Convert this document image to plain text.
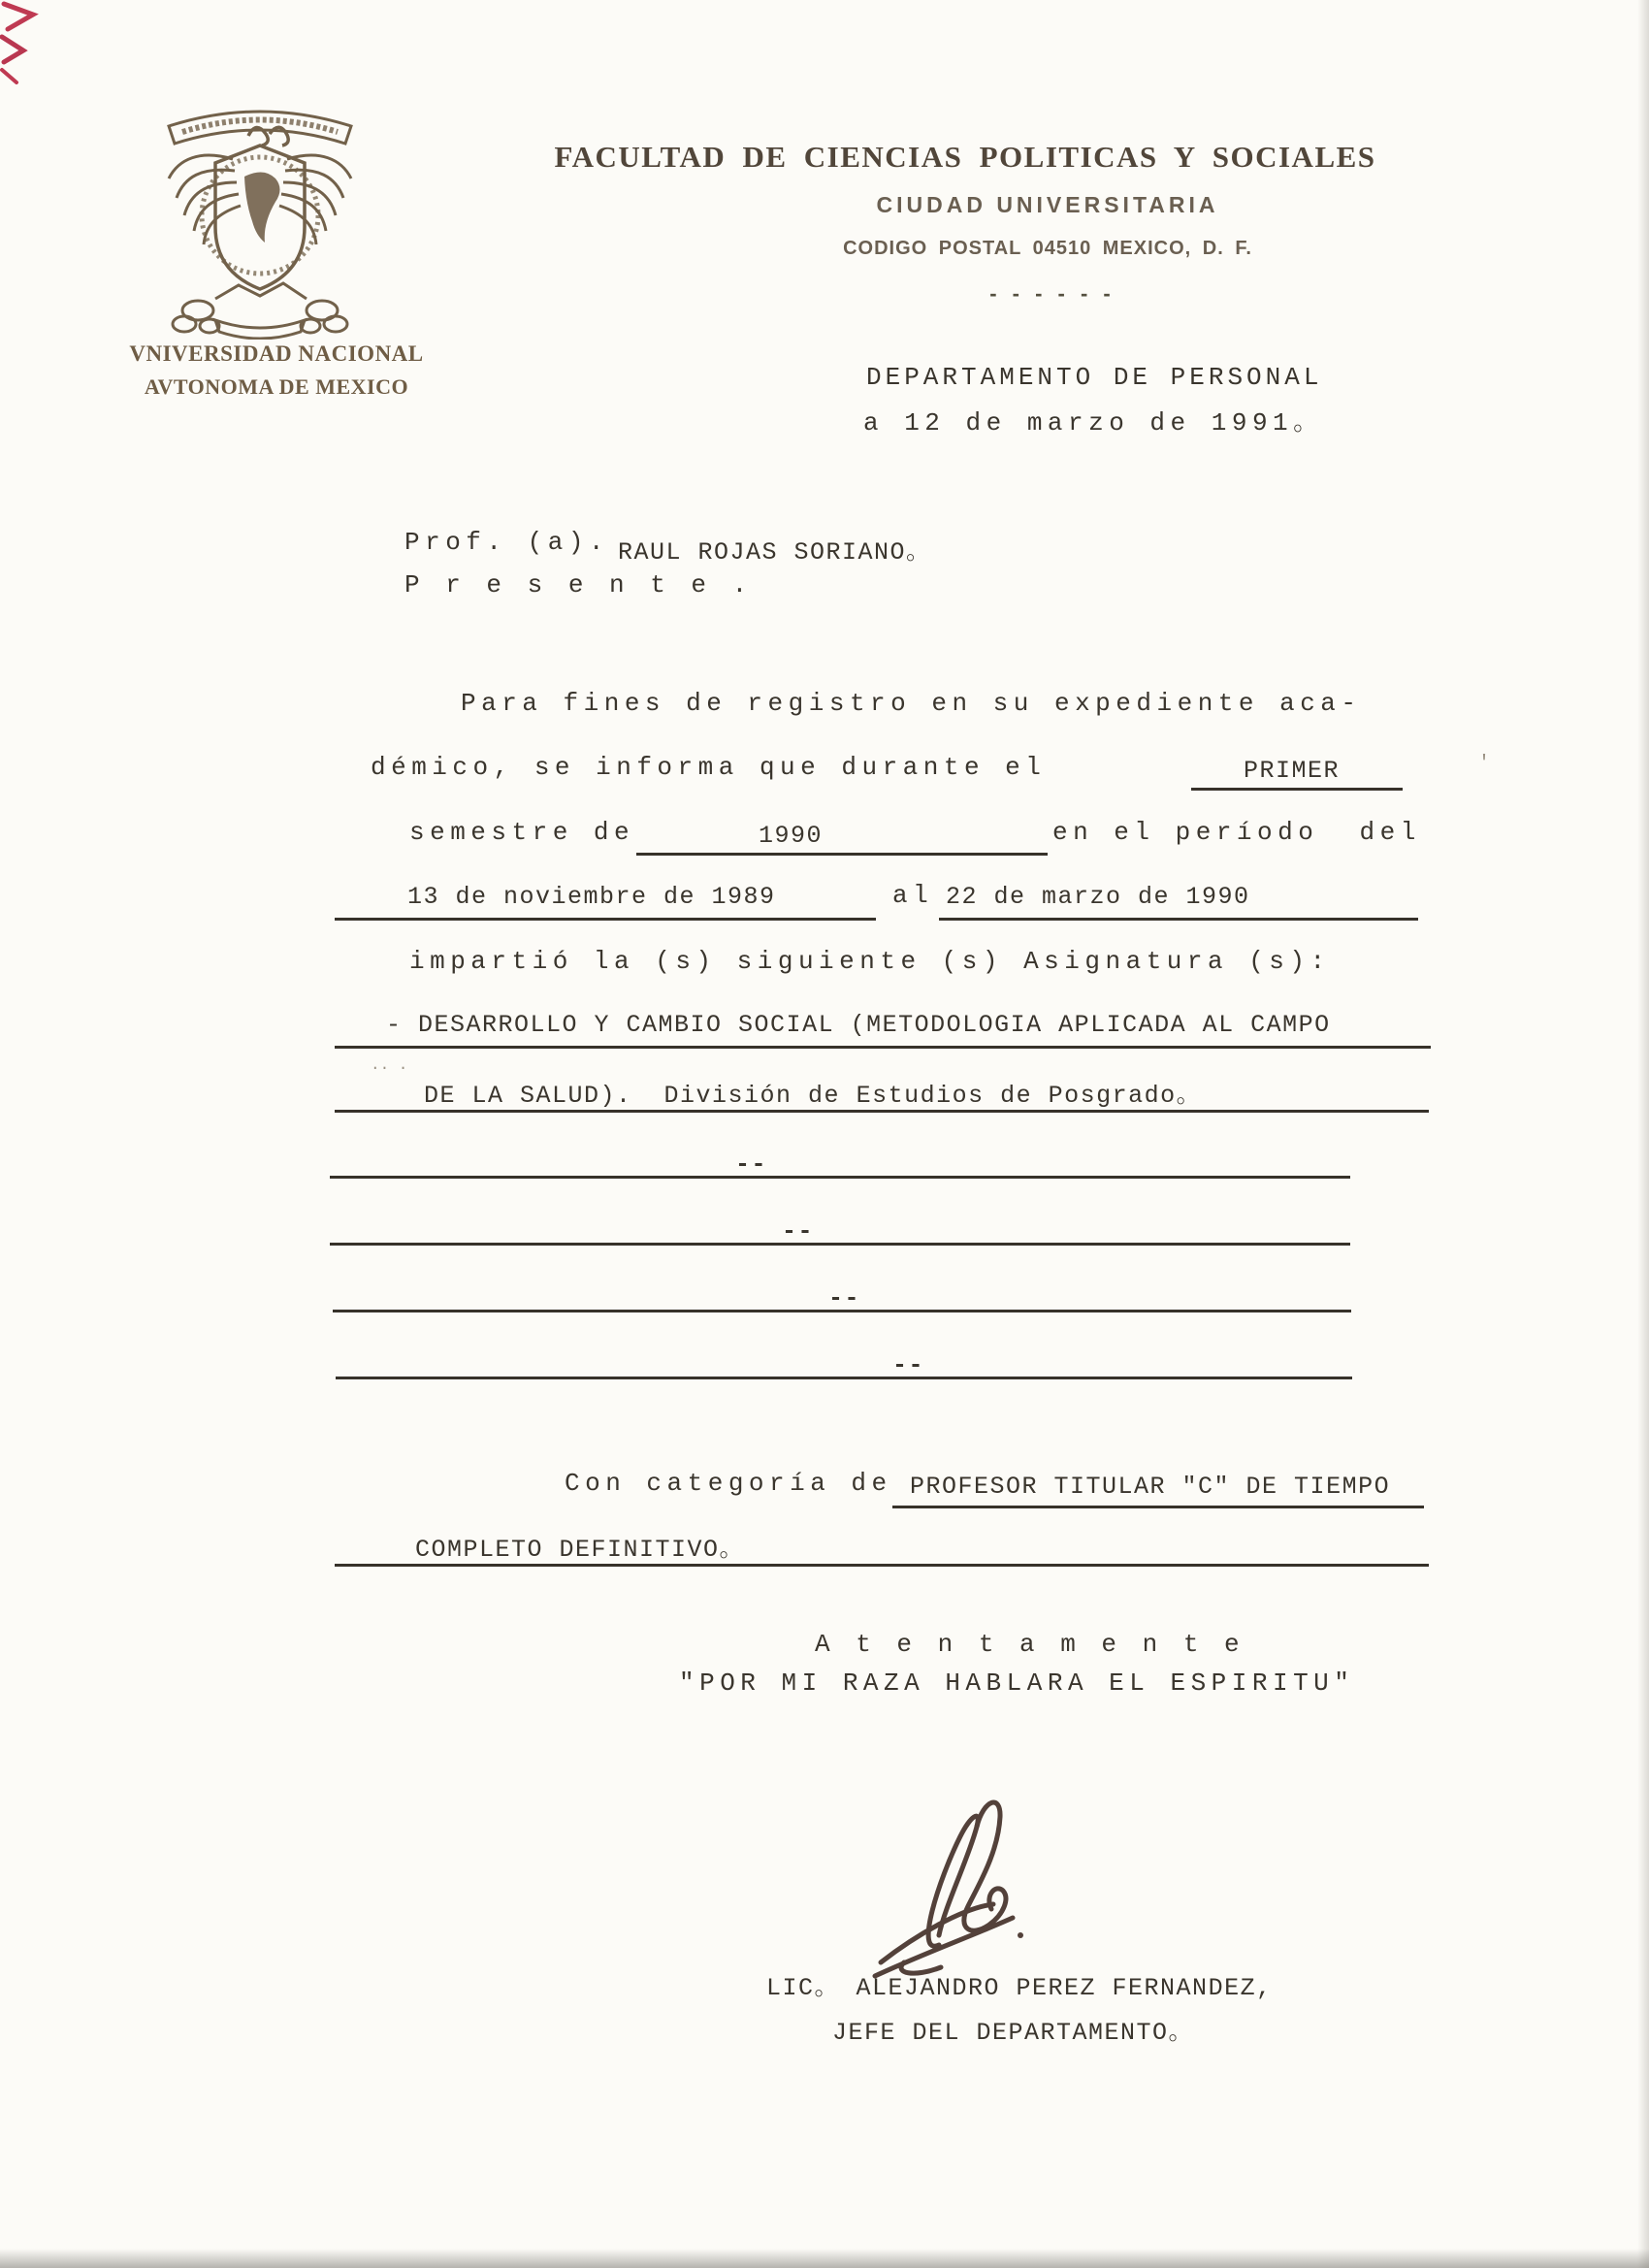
VNIVERSIDAD NACIONAL
AVTONOMA DE MEXICO
FACULTAD DE CIENCIAS POLITICAS Y SOCIALES
CIUDAD UNIVERSITARIA
CODIGO POSTAL 04510 MEXICO, D. F.
- - - - - -
DEPARTAMENTO DE PERSONAL
a 12 de marzo de 1991。
Prof. (a). RAUL ROJAS SORIANO。
P r e s e n t e .
Para fines de registro en su expediente aca-
démico, se informa que durante el	PRIMER
semestre de	1990	en el período  del
13 de noviembre de 1989	al 22 de marzo de 1990
impartió la (s) siguiente (s) Asignatura (s):
- DESARROLLO Y CAMBIO SOCIAL (METODOLOGIA APLICADA AL CAMPO
DE LA SALUD).  División de Estudios de Posgrado。
--
--
--
--
Con categoría de PROFESOR TITULAR "C" DE TIEMPO
COMPLETO DEFINITIVO。
A t e n t a m e n t e
"POR MI RAZA HABLARA EL ESPIRITU"
LIC。 ALEJANDRO PEREZ FERNANDEZ,
JEFE DEL DEPARTAMENTO。
·· ·
'
